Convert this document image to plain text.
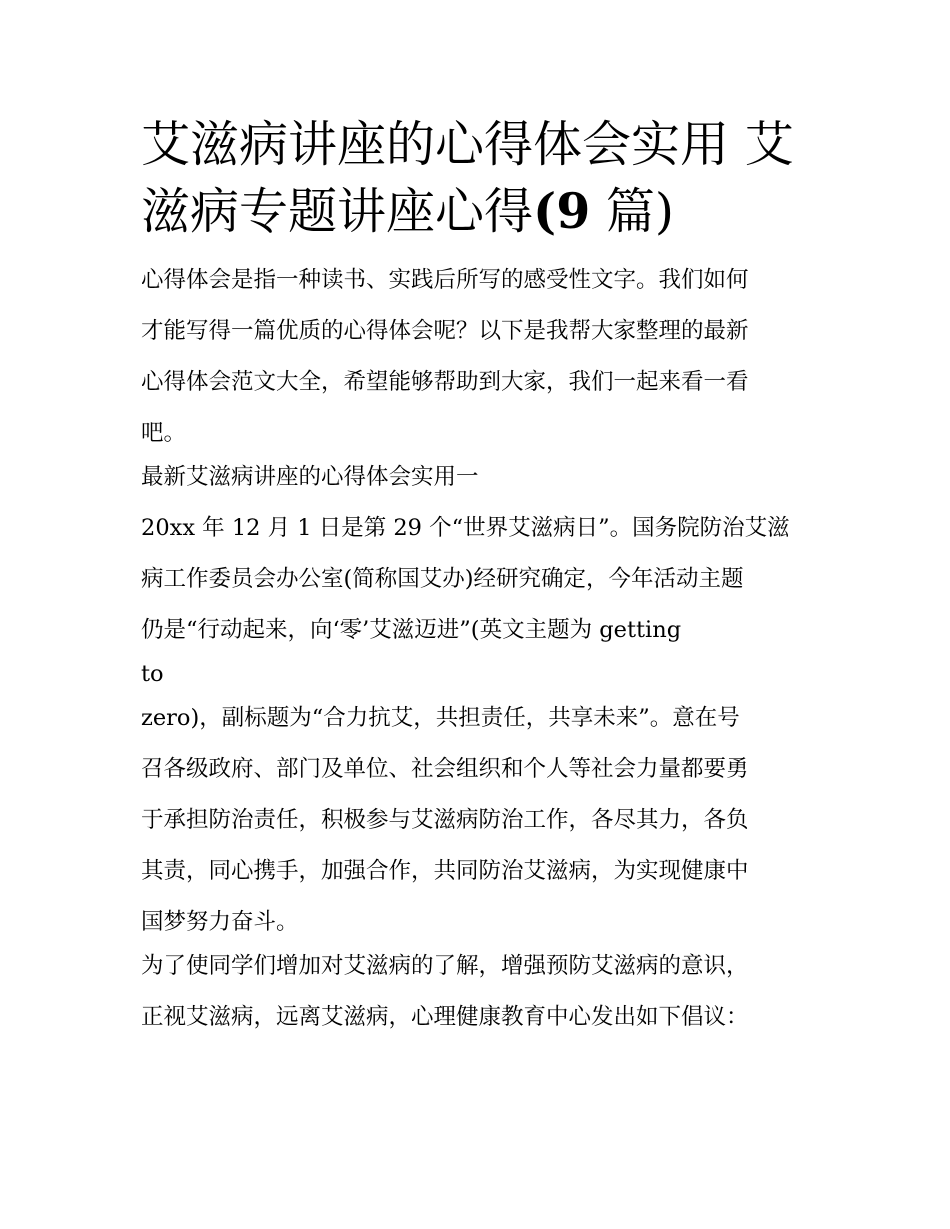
艾滋病讲座的心得体会实用 艾
滋病专题讲座心得(9 篇)
心得体会是指一种读书、实践后所写的感受性文字。我们如何
才能写得一篇优质的心得体会呢？以下是我帮大家整理的最新
心得体会范文大全，希望能够帮助到大家，我们一起来看一看
吧。
最新艾滋病讲座的心得体会实用一
20xx 年 12 月 1 日是第 29 个“世界艾滋病日”。国务院防治艾滋
病工作委员会办公室(简称国艾办)经研究确定，今年活动主题
仍是“行动起来，向‘零’艾滋迈进”(英文主题为 getting
to
zero)，副标题为“合力抗艾，共担责任，共享未来”。意在号
召各级政府、部门及单位、社会组织和个人等社会力量都要勇
于承担防治责任，积极参与艾滋病防治工作，各尽其力，各负
其责，同心携手，加强合作，共同防治艾滋病，为实现健康中
国梦努力奋斗。
为了使同学们增加对艾滋病的了解，增强预防艾滋病的意识，
正视艾滋病，远离艾滋病，心理健康教育中心发出如下倡议：
